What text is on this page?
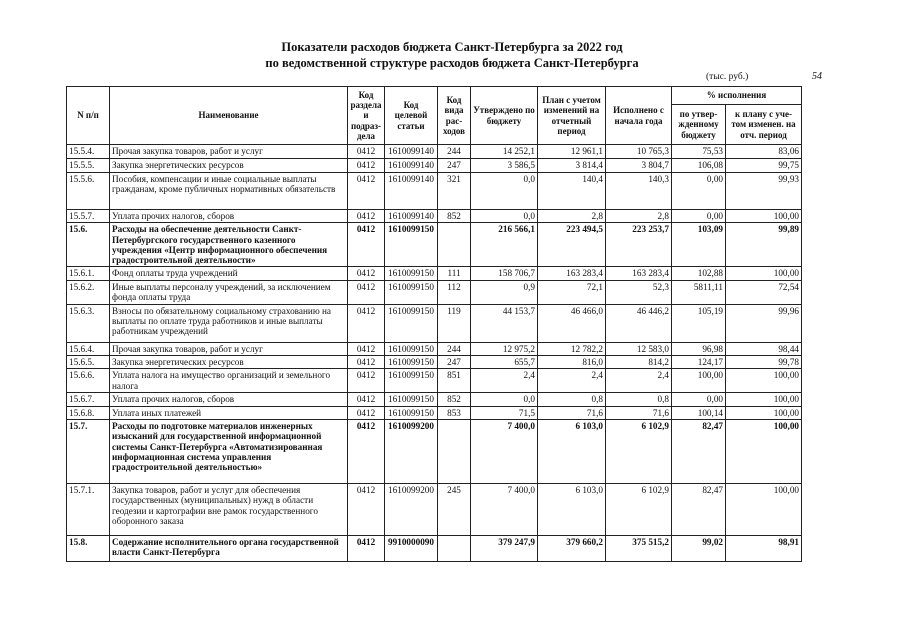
Показатели расходов бюджета Санкт-Петербурга за 2022 год
по ведомственной структуре расходов бюджета Санкт-Петербурга
(тыс. руб.)	54
N п/п	Наименование	Код раздела и подраз-дела	Код целевой статьи	Код вида рас-ходов	Утверждено по бюджету	План с учетом изменений на отчетный период	Исполнено с начала года	% исполнения	
								по утвер-жденному бюджету	к плану с уче-том изменен. на отч. период
15.5.4.	Прочая закупка товаров, работ и услуг	0412	1610099140	244	14 252,1	12 961,1	10 765,3	75,53	83,06
15.5.5.	Закупка энергетических ресурсов	0412	1610099140	247	3 586,5	3 814,4	3 804,7	106,08	99,75
15.5.6.	Пособия, компенсации и иные социальные выплаты гражданам, кроме публичных нормативных обязательств	0412	1610099140	321	0,0	140,4	140,3	0,00	99,93
15.5.7.	Уплата прочих налогов, сборов	0412	1610099140	852	0,0	2,8	2,8	0,00	100,00
15.6.	Расходы на обеспечение деятельности Санкт-Петербургского государственного казенного учреждения «Центр информационного обеспечения градостроительной деятельности»	0412	1610099150		216 566,1	223 494,5	223 253,7	103,09	99,89
15.6.1.	Фонд оплаты труда учреждений	0412	1610099150	111	158 706,7	163 283,4	163 283,4	102,88	100,00
15.6.2.	Иные выплаты персоналу учреждений, за исключением фонда оплаты труда	0412	1610099150	112	0,9	72,1	52,3	5811,11	72,54
15.6.3.	Взносы по обязательному социальному страхованию на выплаты по оплате труда работников и иные выплаты работникам учреждений	0412	1610099150	119	44 153,7	46 466,0	46 446,2	105,19	99,96
15.6.4.	Прочая закупка товаров, работ и услуг	0412	1610099150	244	12 975,2	12 782,2	12 583,0	96,98	98,44
15.6.5.	Закупка энергетических ресурсов	0412	1610099150	247	655,7	816,0	814,2	124,17	99,78
15.6.6.	Уплата налога на имущество организаций и земельного налога	0412	1610099150	851	2,4	2,4	2,4	100,00	100,00
15.6.7.	Уплата прочих налогов, сборов	0412	1610099150	852	0,0	0,8	0,8	0,00	100,00
15.6.8.	Уплата иных платежей	0412	1610099150	853	71,5	71,6	71,6	100,14	100,00
15.7.	Расходы по подготовке материалов инженерных изысканий для государственной информационной системы Санкт-Петербурга «Автоматизированная информационная система управления градостроительной деятельностью»	0412	1610099200		7 400,0	6 103,0	6 102,9	82,47	100,00
15.7.1.	Закупка товаров, работ и услуг для обеспечения государственных (муниципальных) нужд в области геодезии и картографии вне рамок государственного оборонного заказа	0412	1610099200	245	7 400,0	6 103,0	6 102,9	82,47	100,00
15.8.	Содержание исполнительного органа государственной власти Санкт-Петербурга	0412	9910000090		379 247,9	379 660,2	375 515,2	99,02	98,91
